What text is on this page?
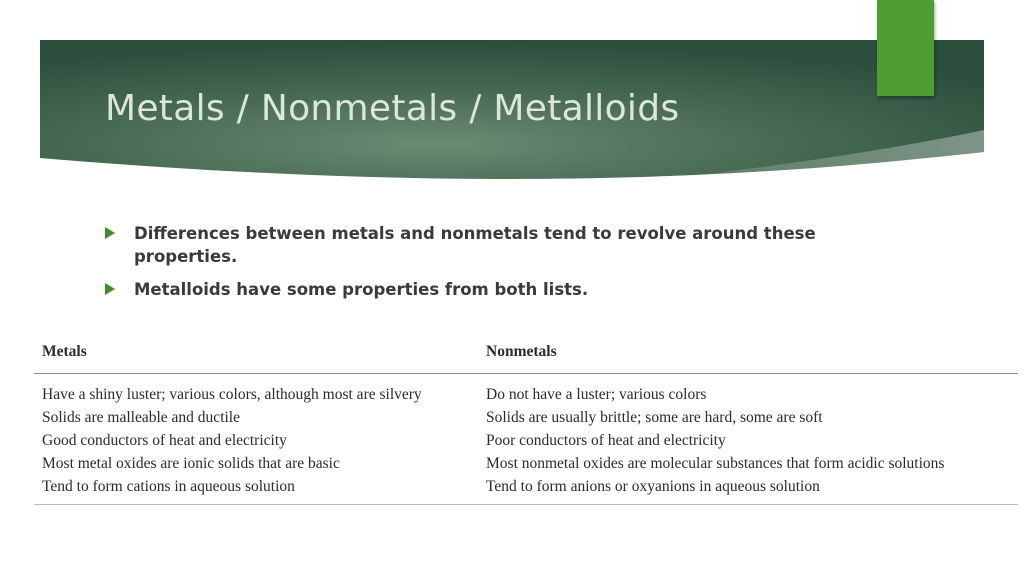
Metals / Nonmetals / Metalloids
Differences between metals and nonmetals tend to revolve around these properties.
Metalloids have some properties from both lists.
Metals	Nonmetals
Have a shiny luster; various colors, although most are silvery	Do not have a luster; various colors
Solids are malleable and ductile	Solids are usually brittle; some are hard, some are soft
Good conductors of heat and electricity	Poor conductors of heat and electricity
Most metal oxides are ionic solids that are basic	Most nonmetal oxides are molecular substances that form acidic solutions
Tend to form cations in aqueous solution	Tend to form anions or oxyanions in aqueous solution
